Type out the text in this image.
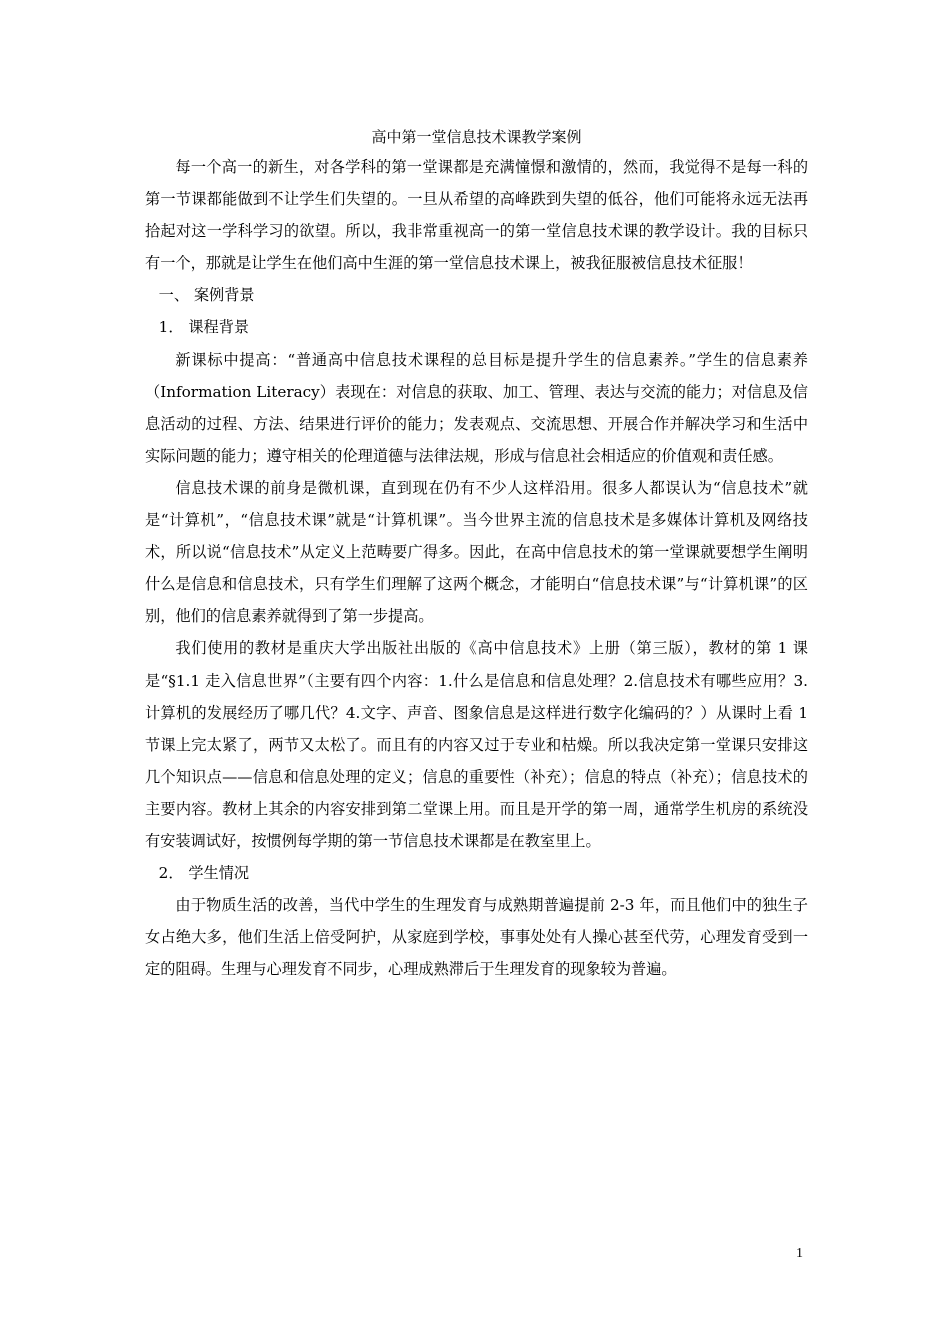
高中第一堂信息技术课教学案例

每一个高一的新生，对各学科的第一堂课都是充满憧憬和激情的，然而，我觉得不是每一科的第一节课都能做到不让学生们失望的。一旦从希望的高峰跌到失望的低谷，他们可能将永远无法再拾起对这一学科学习的欲望。所以，我非常重视高一的第一堂信息技术课的教学设计。我的目标只有一个，那就是让学生在他们高中生涯的第一堂信息技术课上，被我征服被信息技术征服！

一、 案例背景

1． 课程背景

新课标中提高：“普通高中信息技术课程的总目标是提升学生的信息素养。”学生的信息素养（Information Literacy）表现在：对信息的获取、加工、管理、表达与交流的能力；对信息及信息活动的过程、方法、结果进行评价的能力；发表观点、交流思想、开展合作并解决学习和生活中实际问题的能力；遵守相关的伦理道德与法律法规，形成与信息社会相适应的价值观和责任感。

信息技术课的前身是微机课，直到现在仍有不少人这样沿用。很多人都误认为“信息技术”就是“计算机”，“信息技术课”就是“计算机课”。当今世界主流的信息技术是多媒体计算机及网络技术，所以说“信息技术”从定义上范畴要广得多。因此，在高中信息技术的第一堂课就要想学生阐明什么是信息和信息技术，只有学生们理解了这两个概念，才能明白“信息技术课”与“计算机课”的区别，他们的信息素养就得到了第一步提高。

我们使用的教材是重庆大学出版社出版的《高中信息技术》上册（第三版），教材的第 1 课是“§1.1 走入信息世界”（主要有四个内容：1.什么是信息和信息处理？2.信息技术有哪些应用？3.计算机的发展经历了哪几代？4.文字、声音、图象信息是这样进行数字化编码的？）从课时上看 1 节课上完太紧了，两节又太松了。而且有的内容又过于专业和枯燥。所以我决定第一堂课只安排这几个知识点——信息和信息处理的定义；信息的重要性（补充）；信息的特点（补充）；信息技术的主要内容。教材上其余的内容安排到第二堂课上用。而且是开学的第一周，通常学生机房的系统没有安装调试好，按惯例每学期的第一节信息技术课都是在教室里上。

2． 学生情况

由于物质生活的改善，当代中学生的生理发育与成熟期普遍提前 2-3 年，而且他们中的独生子女占绝大多，他们生活上倍受阿护，从家庭到学校，事事处处有人操心甚至代劳，心理发育受到一定的阻碍。生理与心理发育不同步，心理成熟滞后于生理发育的现象较为普遍。

1
